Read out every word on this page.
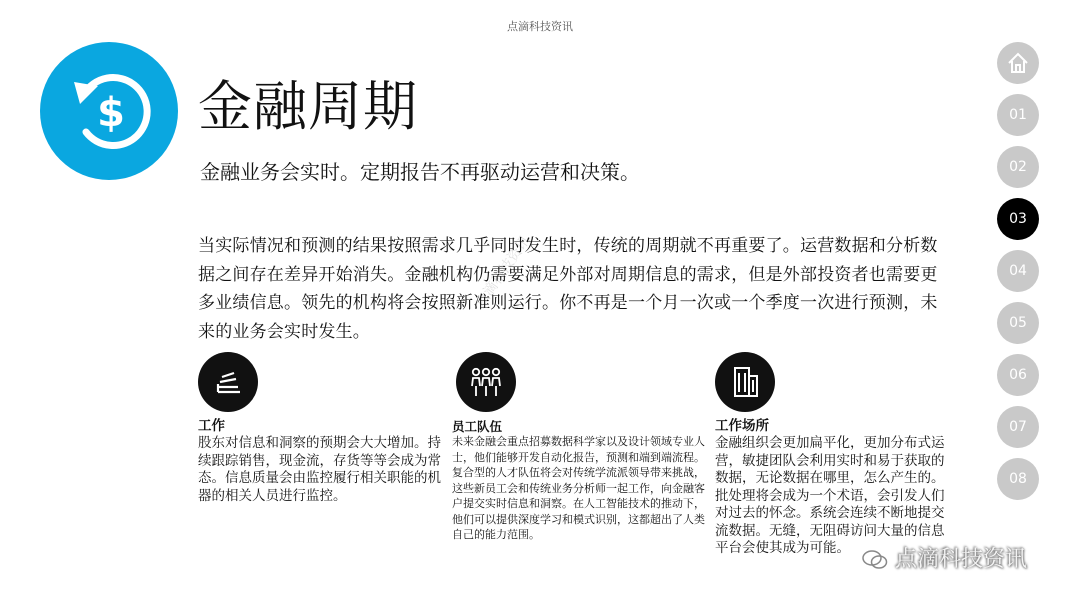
点滴科技资讯
$ 金融周期
金融业务会实时。定期报告不再驱动运营和决策。
当实际情况和预测的结果按照需求几乎同时发生时，传统的周期就不再重要了。运营数据和分析数据之间存在差异开始消失。金融机构仍需要满足外部对周期信息的需求，但是外部投资者也需要更多业绩信息。领先的机构将会按照新准则运行。你不再是一个月一次或一个季度一次进行预测，未来的业务会实时发生。
点滴科技资讯
工作
股东对信息和洞察的预期会大大增加。持续跟踪销售，现金流，存货等等会成为常态。信息质量会由监控履行相关职能的机器的相关人员进行监控。
员工队伍
未来金融会重点招募数据科学家以及设计领域专业人士，他们能够开发自动化报告，预测和端到端流程。复合型的人才队伍将会对传统学流派领导带来挑战，这些新员工会和传统业务分析师一起工作，向金融客户提交实时信息和洞察。在人工智能技术的推动下，他们可以提供深度学习和模式识别，这都超出了人类自己的能力范围。
工作场所
金融组织会更加扁平化，更加分布式运营，敏捷团队会利用实时和易于获取的数据，无论数据在哪里，怎么产生的。批处理将会成为一个术语，会引发人们对过去的怀念。系统会连续不断地提交流数据。无缝，无阻碍访问大量的信息平台会使其成为可能。
01
02
03
04
05
06
07
08
点滴科技资讯
